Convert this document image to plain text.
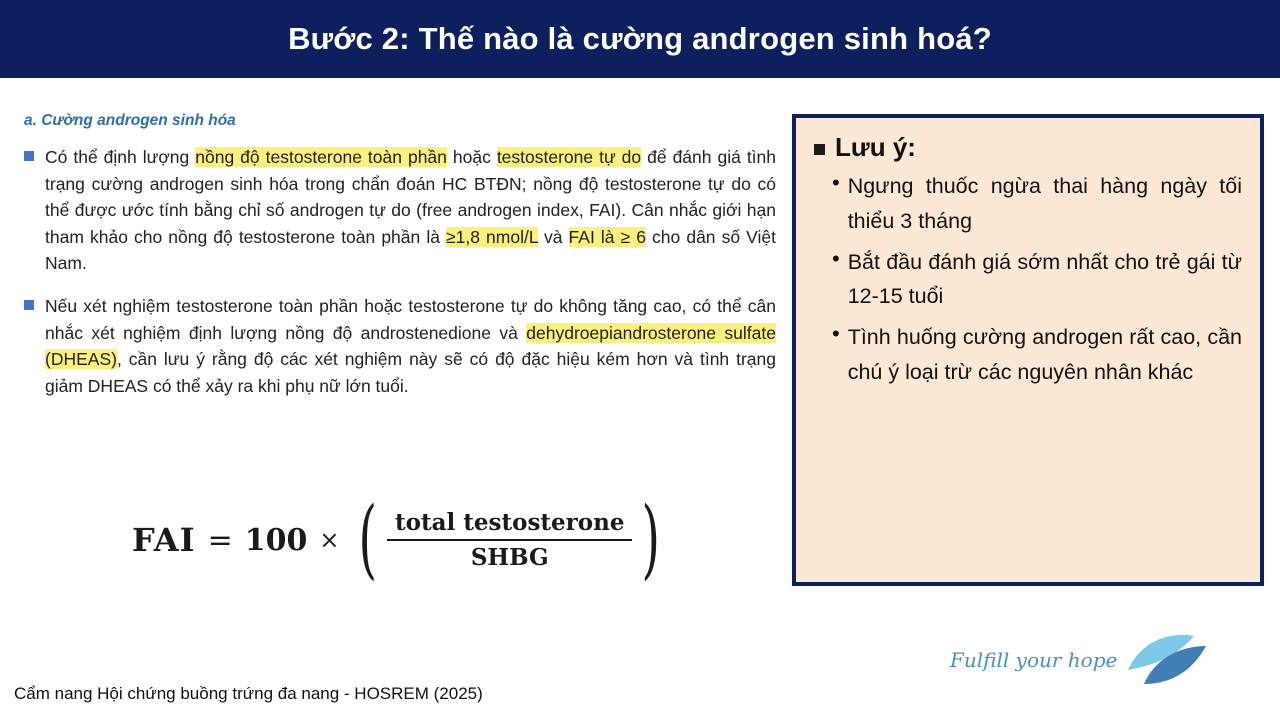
Bước 2: Thế nào là cường androgen sinh hoá?
a. Cường androgen sinh hóa
Có thể định lượng nồng độ testosterone toàn phần hoặc testosterone tự do để đánh giá tình trạng cường androgen sinh hóa trong chẩn đoán HC BTĐN; nồng độ testosterone tự do có thể được ước tính bằng chỉ số androgen tự do (free androgen index, FAI). Cân nhắc giới hạn tham khảo cho nồng độ testosterone toàn phần là ≥1,8 nmol/L và FAI là ≥ 6 cho dân số Việt Nam.
Nếu xét nghiệm testosterone toàn phần hoặc testosterone tự do không tăng cao, có thể cân nhắc xét nghiệm định lượng nồng độ androstenedione và dehydroepiandrosterone sulfate (DHEAS), cần lưu ý rằng độ các xét nghiệm này sẽ có độ đặc hiệu kém hơn và tình trạng giảm DHEAS có thể xảy ra khi phụ nữ lớn tuổi.
FAI = 100 × ( $\frac{\text{total testosterone}}{\text{SHBG}}$ )
Lưu ý:
• Ngưng thuốc ngừa thai hàng ngày tối thiểu 3 tháng
• Bắt đầu đánh giá sớm nhất cho trẻ gái từ 12-15 tuổi
• Tình huống cường androgen rất cao, cần chú ý loại trừ các nguyên nhân khác
Cẩm nang Hội chứng buồng trứng đa nang - HOSREM (2025)
Fulfill your hope
